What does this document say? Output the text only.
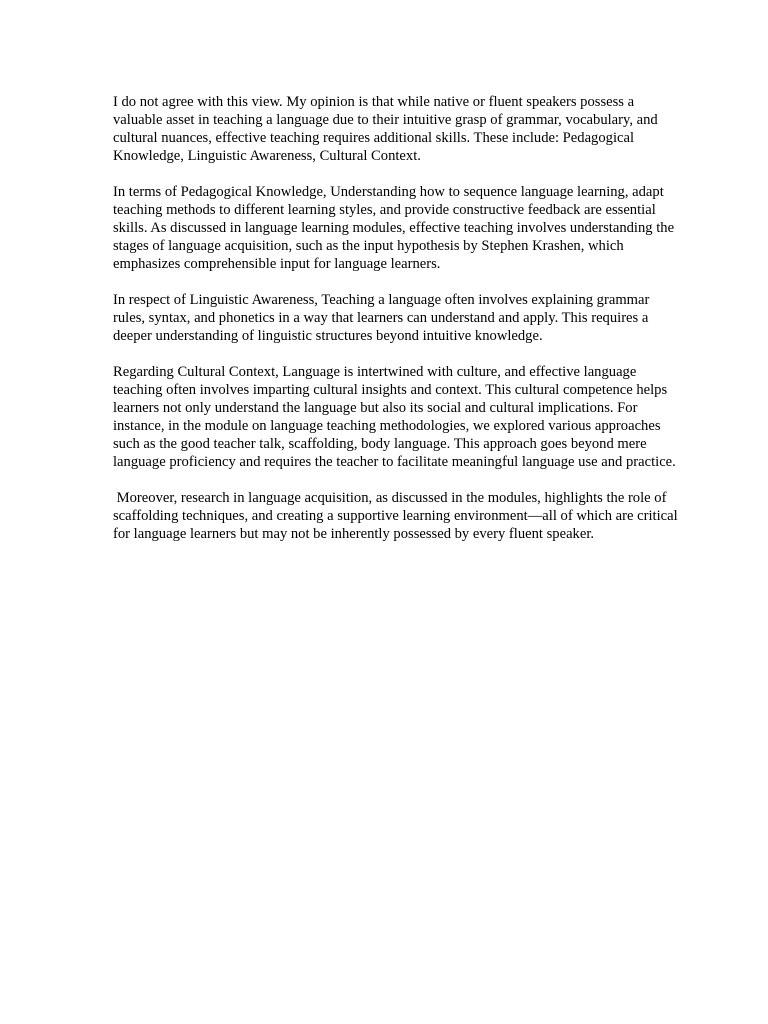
I do not agree with this view. My opinion is that while native or fluent speakers possess a valuable asset in teaching a language due to their intuitive grasp of grammar, vocabulary, and cultural nuances, effective teaching requires additional skills. These include: Pedagogical Knowledge, Linguistic Awareness, Cultural Context.

In terms of Pedagogical Knowledge, Understanding how to sequence language learning, adapt teaching methods to different learning styles, and provide constructive feedback are essential skills. As discussed in language learning modules, effective teaching involves understanding the stages of language acquisition, such as the input hypothesis by Stephen Krashen, which emphasizes comprehensible input for language learners.

In respect of Linguistic Awareness, Teaching a language often involves explaining grammar rules, syntax, and phonetics in a way that learners can understand and apply. This requires a deeper understanding of linguistic structures beyond intuitive knowledge.

Regarding Cultural Context, Language is intertwined with culture, and effective language teaching often involves imparting cultural insights and context. This cultural competence helps learners not only understand the language but also its social and cultural implications. For instance, in the module on language teaching methodologies, we explored various approaches such as the good teacher talk, scaffolding, body language. This approach goes beyond mere language proficiency and requires the teacher to facilitate meaningful language use and practice.

Moreover, research in language acquisition, as discussed in the modules, highlights the role of scaffolding techniques, and creating a supportive learning environment—all of which are critical for language learners but may not be inherently possessed by every fluent speaker.
